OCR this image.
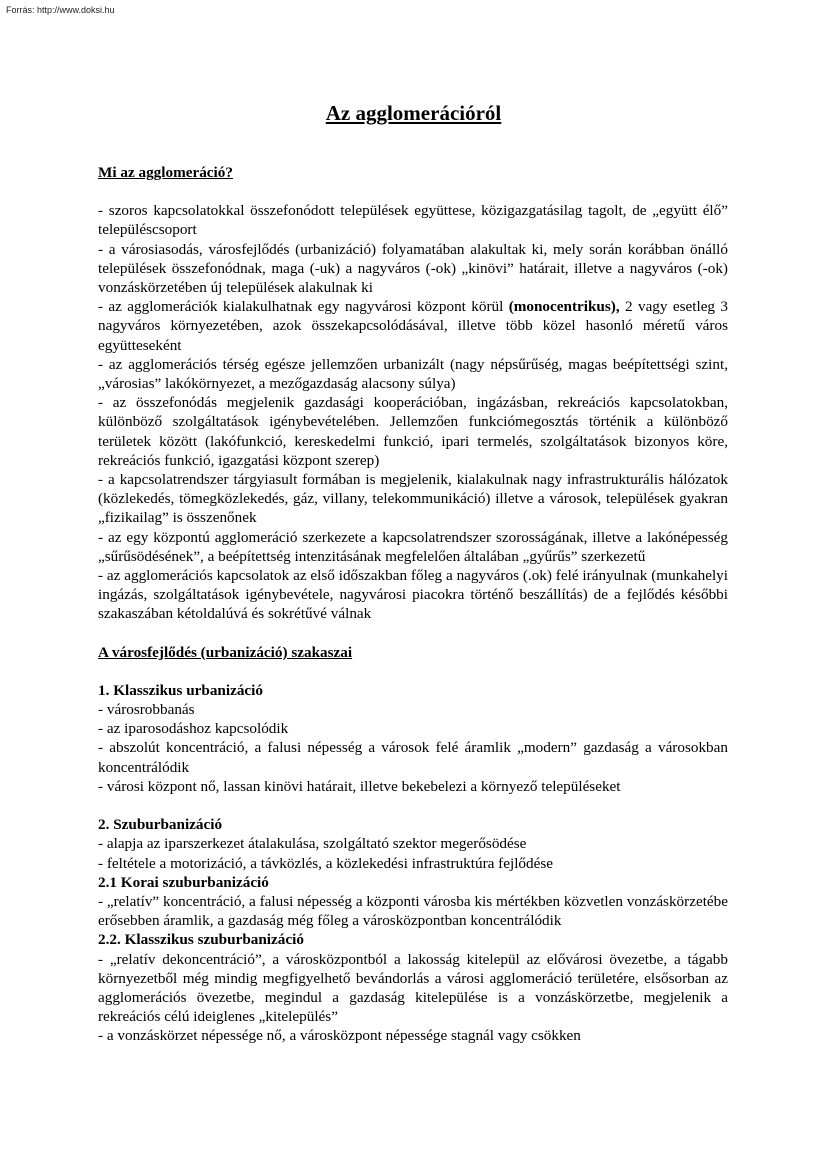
Forrás: http://www.doksi.hu
Az agglomerációról

Mi az agglomeráció?

- szoros kapcsolatokkal összefonódott települések együttese, közigazgatásilag tagolt, de „együtt élő” településcsoport

- a városiasodás, városfejlődés (urbanizáció) folyamatában alakultak ki, mely során korábban önálló települések összefonódnak, maga (-uk) a nagyváros (-ok) „kinövi” határait, illetve a nagyváros (-ok) vonzáskörzetében új települések alakulnak ki

- az agglomerációk kialakulhatnak egy nagyvárosi központ körül (monocentrikus), 2 vagy esetleg 3 nagyváros környezetében, azok összekapcsolódásával, illetve több közel hasonló méretű város együtteseként

- az agglomerációs térség egésze jellemzően urbanizált (nagy népsűrűség, magas beépítettségi szint, „városias” lakókörnyezet, a mezőgazdaság alacsony súlya)

- az összefonódás megjelenik gazdasági kooperációban, ingázásban, rekreációs kapcsolatokban, különböző szolgáltatások igénybevételében. Jellemzően funkciómegosztás történik a különböző területek között (lakófunkció, kereskedelmi funkció, ipari termelés, szolgáltatások bizonyos köre, rekreációs funkció, igazgatási központ szerep)

- a kapcsolatrendszer tárgyiasult formában is megjelenik, kialakulnak nagy infrastrukturális hálózatok (közlekedés, tömegközlekedés, gáz, villany, telekommunikáció) illetve a városok, települések gyakran „fizikailag” is összenőnek

- az egy központú agglomeráció szerkezete a kapcsolatrendszer szorosságának, illetve a lakónépesség „sűrűsödésének”, a beépítettség intenzitásának megfelelően általában „gyűrűs” szerkezetű

- az agglomerációs kapcsolatok az első időszakban főleg a nagyváros (.ok) felé irányulnak (munkahelyi ingázás, szolgáltatások igénybevétele, nagyvárosi piacokra történő beszállítás) de a fejlődés későbbi szakaszában kétoldalúvá és sokrétűvé válnak

A városfejlődés (urbanizáció) szakaszai

1. Klasszikus urbanizáció

- városrobbanás

- az iparosodáshoz kapcsolódik

- abszolút koncentráció, a falusi népesség a városok felé áramlik „modern” gazdaság a városokban koncentrálódik

- városi központ nő, lassan kinövi határait, illetve bekebelezi a környező településeket

2. Szuburbanizáció

- alapja az iparszerkezet átalakulása, szolgáltató szektor megerősödése

- feltétele a motorizáció, a távközlés, a közlekedési infrastruktúra fejlődése

2.1 Korai szuburbanizáció

- „relatív” koncentráció, a falusi népesség a központi városba kis mértékben közvetlen vonzáskörzetébe erősebben áramlik, a gazdaság még főleg a városközpontban koncentrálódik

2.2. Klasszikus szuburbanizáció

- „relatív dekoncentráció”, a városközpontból a lakosság kitelepül az elővárosi övezetbe, a tágabb környezetből még mindig megfigyelhető bevándorlás a városi agglomeráció területére, elsősorban az agglomerációs övezetbe, megindul a gazdaság kitelepülése is a vonzáskörzetbe, megjelenik a rekreációs célú ideiglenes „kitelepülés”

- a vonzáskörzet népessége nő, a városközpont népessége stagnál vagy csökken
